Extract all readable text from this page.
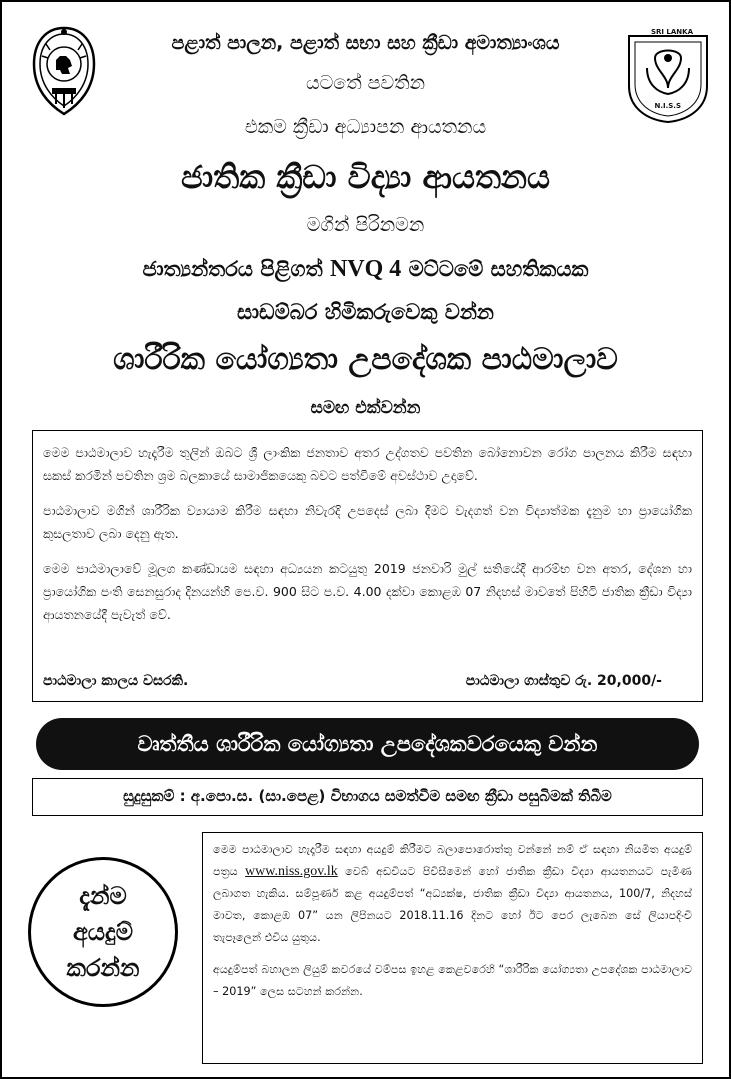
SRI LANKA
N.I.S.S
පළාත් පාලන, පළාත් සභා සහ ක්‍රීඩා අමාත්‍යාංශය
යටතේ පවතින
එකම ක්‍රීඩා අධ්‍යාපන ආයතනය
ජාතික ක්‍රීඩා විද්‍යා ආයතනය
මගින් පිරිනමන
ජාත්‍යන්තරය පිළිගත් NVQ 4 මට්ටමේ සහතිකයක
සාඩම්බර හිමිකරුවෙකු වන්න
ශාරීරික යෝග්‍යතා උපදේශක පාඨමාලාව
සමඟ එක්වන්න

මෙම පාඨමාලාව හැදෑරීම තුලින් ඔබට ශ්‍රී ලාංකික ජනතාව අතර උද්ගතව පවතින බෝනොවන රෝග පාලනය කිරීම සඳහා සකස් කරමින් පවතින ශ්‍රම බලකායේ සාමාජිකයෙකු බවට පත්වීමේ අවස්ථාව උදාවේ.

පාඨමාලාව මගින් ශාරීරික ව්‍යායාම කිරීම සඳහා නිවැරදි උපදෙස් ලබා දීමට වැදගත් වන විද්‍යාත්මක දැනුම හා ප්‍රායෝගික කුසලතාව ලබා දෙනු ඇත.

මෙම පාඨමාලාවේ මූලග කණ්ඩායම සඳහා අධ්‍යයන කටයුතු 2019 ජනවාරි මුල් සතියේදී ආරම්භ වන අතර, දේශන හා ප්‍රායෝගික පංති සෙනසුරාද දිනයන්හි පෙ.ව. 900 සිට ප.ව. 4.00 දක්වා කොළඹ 07 නිදහස් මාවතේ පිහිටි ජාතික ක්‍රීඩා විද්‍යා ආයතනයේදී පැවැත් වේ.

පාඨමාලා කාලය වසරකි.	පාඨමාලා ගාස්තුව රු. 20,000/-
වෘත්තීය ශාරීරික යෝග්‍යතා උපදේශකවරයෙකු වන්න
සුදුසුකම් : අ.පො.ස. (සා.පෙළ) විභාගය සමත්වීම සමඟ ක්‍රීඩා පසුබිමක් තිබීම
දැන්ම
අයදුම්
කරන්න

මෙම පාඨමාලාව හැදෑරීම සඳහා අයදුම් කිරීමට බලාපොරොත්තු වන්නේ නම් ඒ සඳහා නියමිත අයදුම් පත්‍රය www.niss.gov.lk වෙබ් අඩවියට පිවිසීමෙන් හෝ ජාතික ක්‍රීඩා විද්‍යා ආයතනයට පැමිණ ලබාගත හැකිය. සම්පූර්ණ කළ අයදුම්පත් “අධ්‍යක්ෂ, ජාතික ක්‍රීඩා විද්‍යා ආයතනය, 100/7, නිදහස් මාවත, කොළඹ 07” යන ලිපිනයට 2018.11.16 දිනට හෝ ඊට පෙර ලැබෙන සේ ලියාපදිංචි තැපෑලෙන් එවිය යුතුය.

අයදුම්පත් බහාලන ලියුම් කවරයේ වම්පස ඉහළ කෙළවරෙහි “ශාරීරික යෝග්‍යතා උපදේශක පාඨමාලාව – 2019” ලෙස සටහන් කරන්න.
